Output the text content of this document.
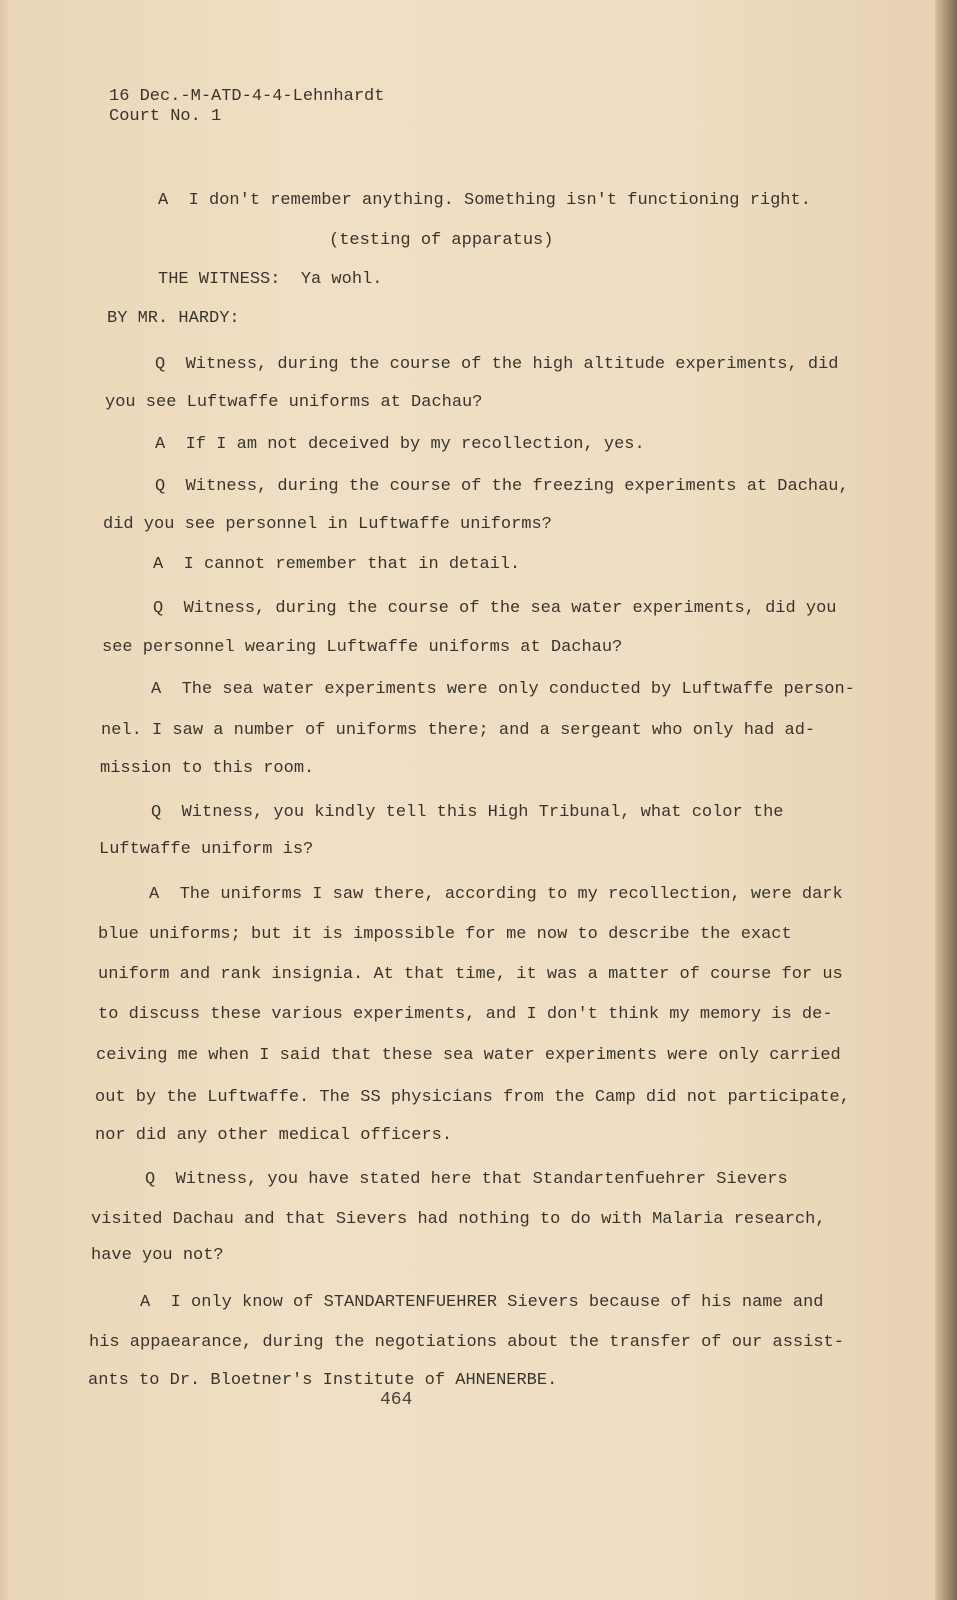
16 Dec.-M-ATD-4-4-Lehnhardt
Court No. 1
A  I don't remember anything. Something isn't functioning right.
(testing of apparatus)
THE WITNESS:  Ya wohl.
BY MR. HARDY:
Q  Witness, during the course of the high altitude experiments, did
you see Luftwaffe uniforms at Dachau?
A  If I am not deceived by my recollection, yes.
Q  Witness, during the course of the freezing experiments at Dachau,
did you see personnel in Luftwaffe uniforms?
A  I cannot remember that in detail.
Q  Witness, during the course of the sea water experiments, did you
see personnel wearing Luftwaffe uniforms at Dachau?
A  The sea water experiments were only conducted by Luftwaffe person-
nel. I saw a number of uniforms there; and a sergeant who only had ad-
mission to this room.
Q  Witness, you kindly tell this High Tribunal, what color the
Luftwaffe uniform is?
A  The uniforms I saw there, according to my recollection, were dark
blue uniforms; but it is impossible for me now to describe the exact
uniform and rank insignia. At that time, it was a matter of course for us
to discuss these various experiments, and I don't think my memory is de-
ceiving me when I said that these sea water experiments were only carried
out by the Luftwaffe. The SS physicians from the Camp did not participate,
nor did any other medical officers.
Q  Witness, you have stated here that Standartenfuehrer Sievers
visited Dachau and that Sievers had nothing to do with Malaria research,
have you not?
A  I only know of STANDARTENFUEHRER Sievers because of his name and
his appaearance, during the negotiations about the transfer of our assist-
ants to Dr. Bloetner's Institute of AHNENERBE.
464
